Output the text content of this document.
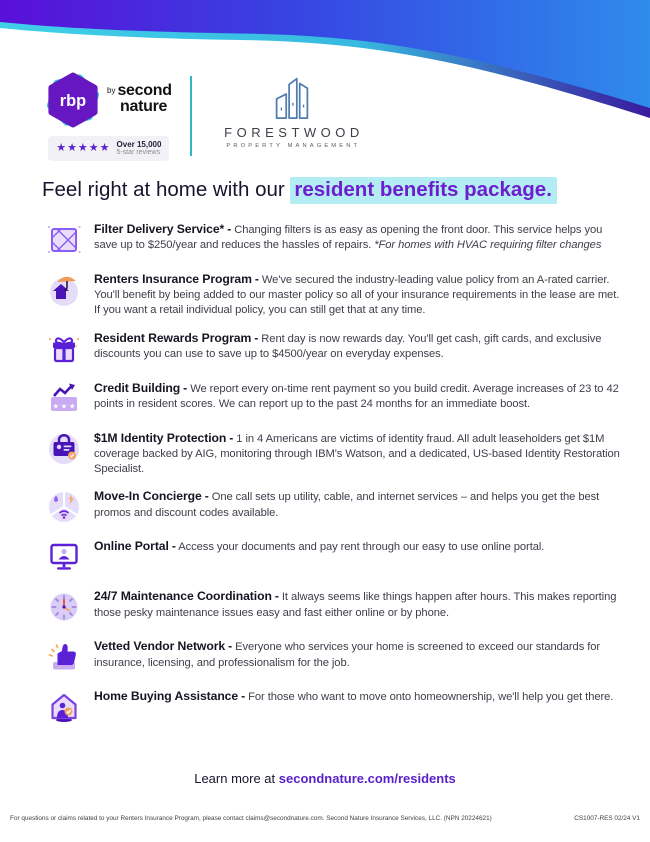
rbp
by second
nature
★★★★★ Over 15,000
5-star reviews
FORESTWOOD
PROPERTY MANAGEMENT
Feel right at home with our resident benefits package.
Filter Delivery Service* - Changing filters is as easy as opening the front door. This service helps you save up to $250/year and reduces the hassles of repairs. *For homes with HVAC requiring filter changes
Renters Insurance Program - We've secured the industry-leading value policy from an A-rated carrier. You'll benefit by being added to our master policy so all of your insurance requirements in the lease are met. If you want a retail individual policy, you can still get that at any time.
Resident Rewards Program - Rent day is now rewards day. You'll get cash, gift cards, and exclusive discounts you can use to save up to $4500/year on everyday expenses.
★ ★ ★
Credit Building - We report every on-time rent payment so you build credit. Average increases of 23 to 42 points in resident scores. We can report up to the past 24 months for an immediate boost.
$1M Identity Protection - 1 in 4 Americans are victims of identity fraud. All adult leaseholders get $1M coverage backed by AIG, monitoring through IBM's Watson, and a dedicated, US-based Identity Restoration Specialist.
Move-In Concierge - One call sets up utility, cable, and internet services – and helps you get the best promos and discount codes available.
Online Portal - Access your documents and pay rent through our easy to use online portal.
24/7 Maintenance Coordination - It always seems like things happen after hours. This makes reporting those pesky maintenance issues easy and fast either online or by phone.
Vetted Vendor Network - Everyone who services your home is screened to exceed our standards for insurance, licensing, and professionalism for the job.
Home Buying Assistance - For those who want to move onto homeownership, we'll help you get there.
Learn more at secondnature.com/residents
For questions or claims related to your Renters Insurance Program, please contact claims@secondnature.com. Second Nature Insurance Services, LLC. (NPN 20224621)	CS1007-RES 02/24 V1
